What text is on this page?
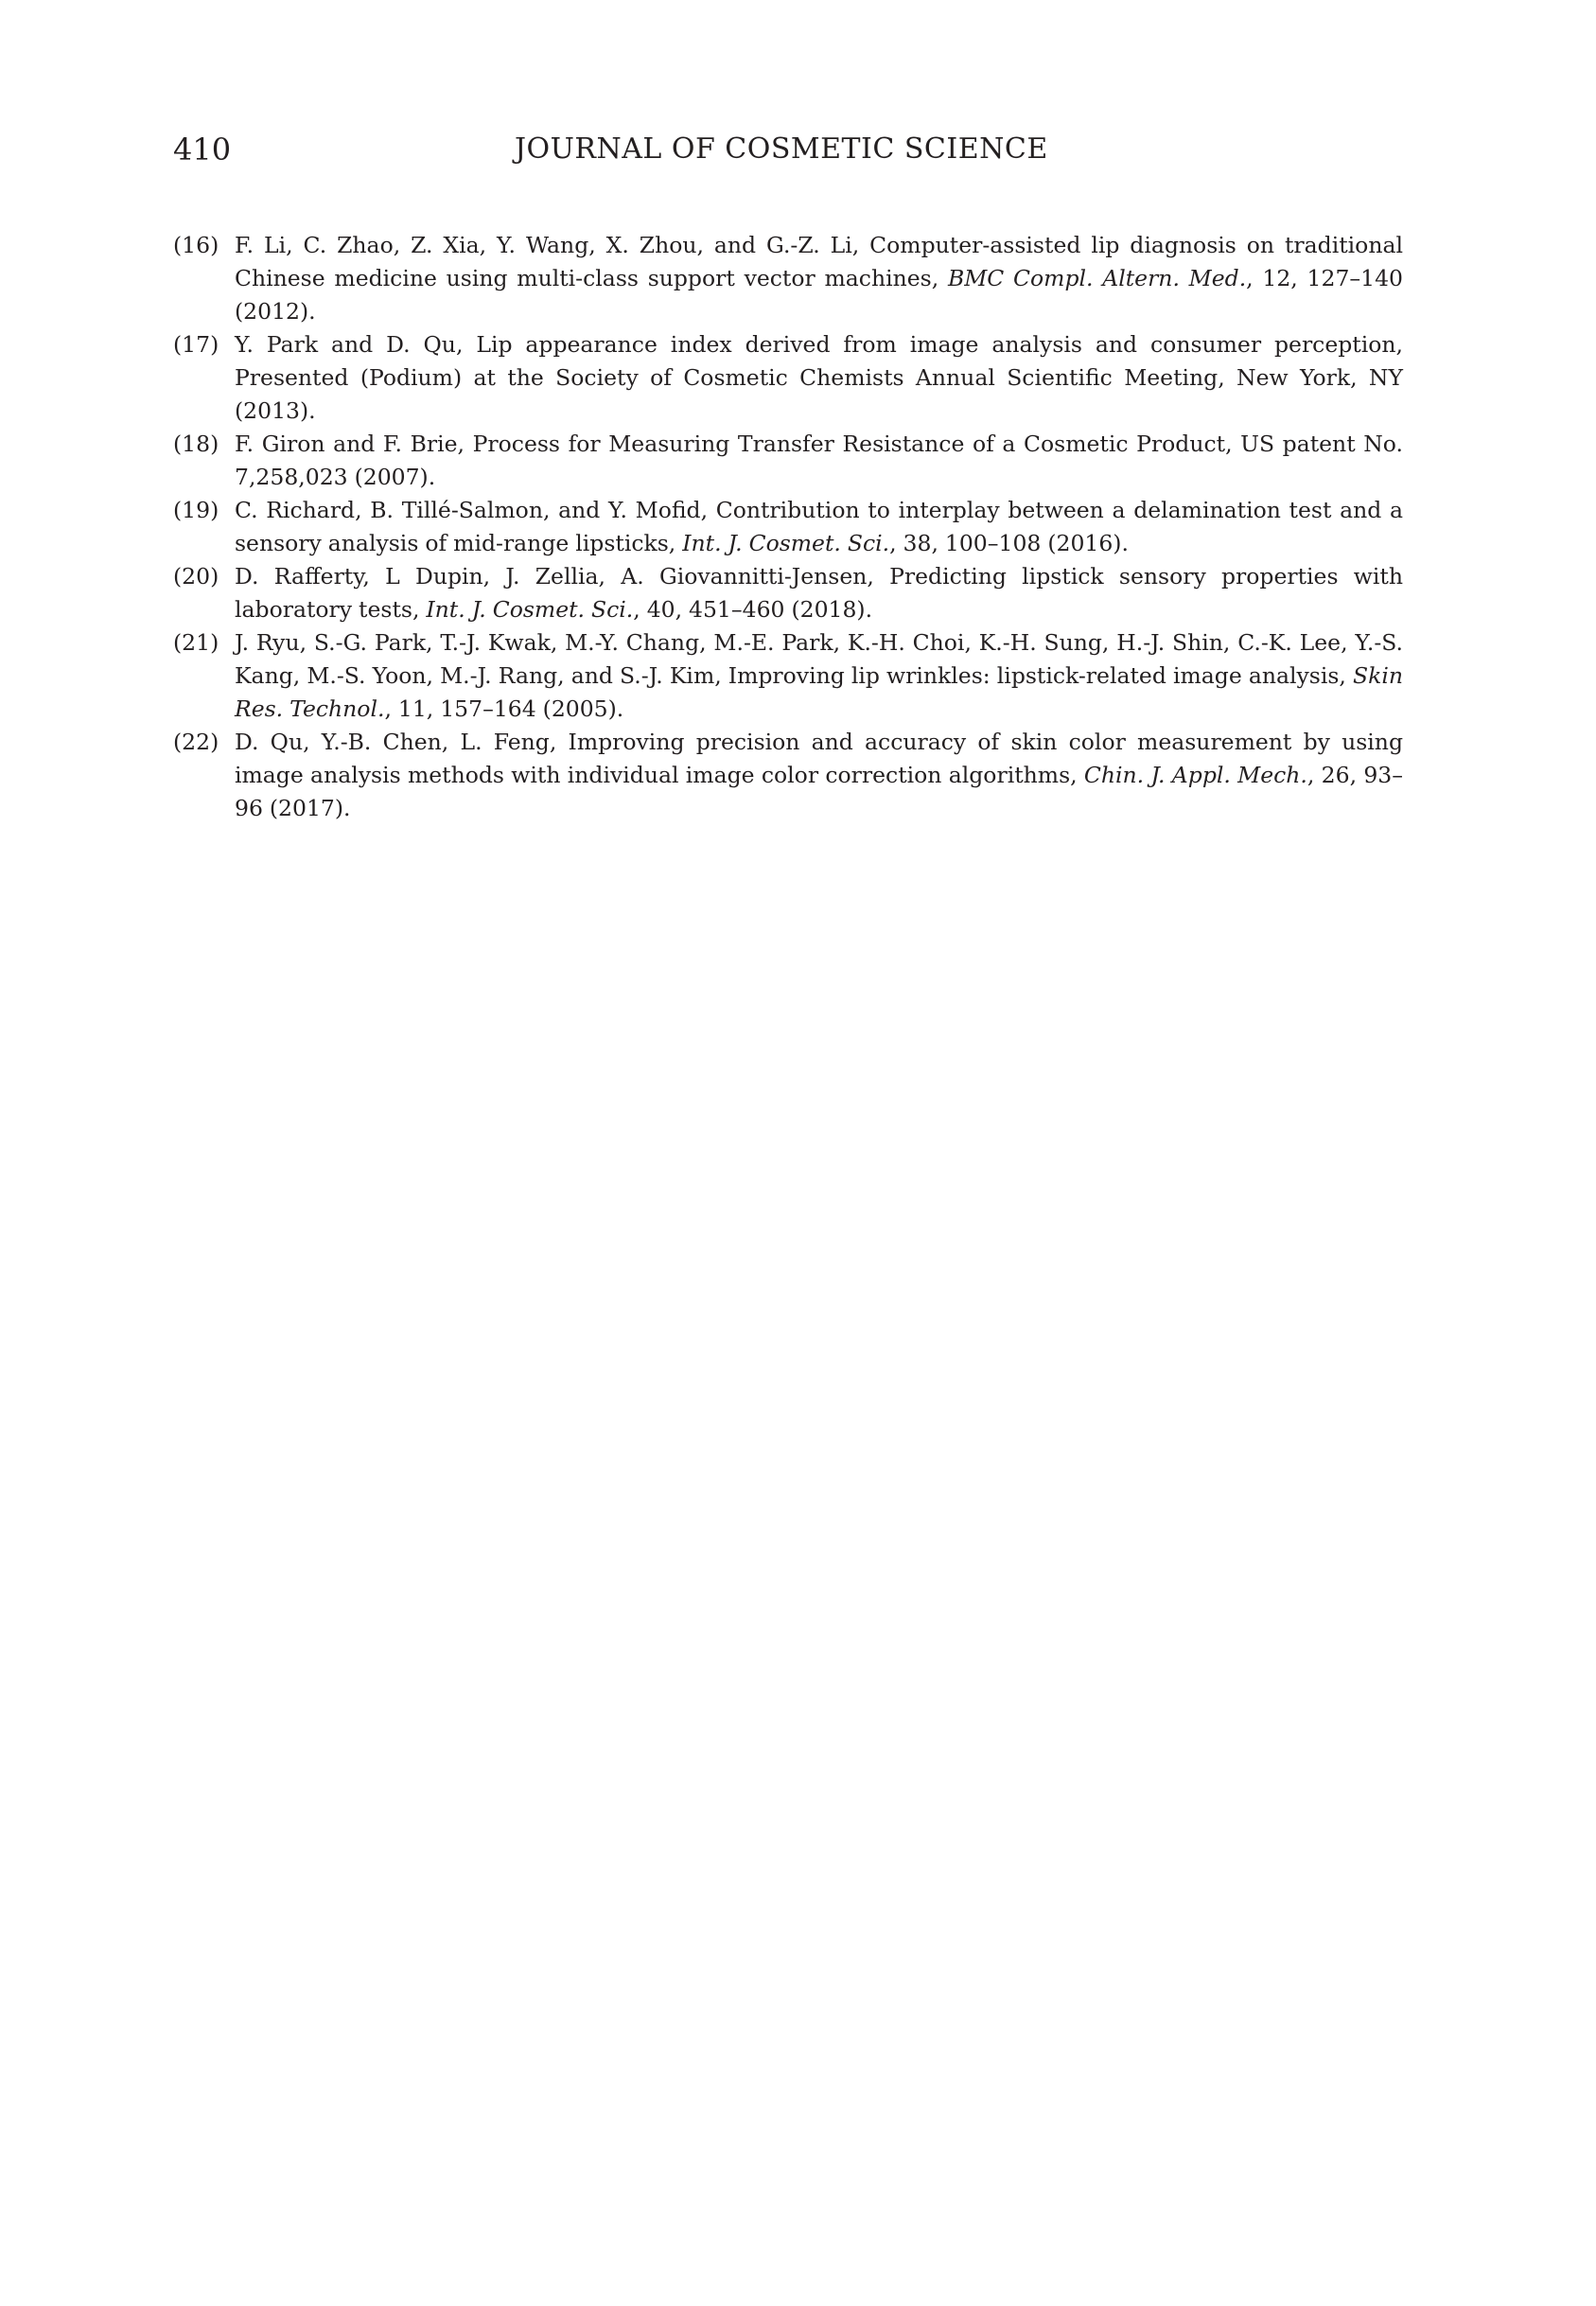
410	JOURNAL OF COSMETIC SCIENCE
(16) F. Li, C. Zhao, Z. Xia, Y. Wang, X. Zhou, and G.-Z. Li, Computer-assisted lip diagnosis on traditional Chinese medicine using multi-class support vector machines, BMC Compl. Altern. Med., 12, 127–140 (2012).
(17) Y. Park and D. Qu, Lip appearance index derived from image analysis and consumer perception, Presented (Podium) at the Society of Cosmetic Chemists Annual Scientific Meeting, New York, NY (2013).
(18) F. Giron and F. Brie, Process for Measuring Transfer Resistance of a Cosmetic Product, US patent No. 7,258,023 (2007).
(19) C. Richard, B. Tillé-Salmon, and Y. Mofid, Contribution to interplay between a delamination test and a sensory analysis of mid-range lipsticks, Int. J. Cosmet. Sci., 38, 100–108 (2016).
(20) D. Rafferty, L Dupin, J. Zellia, A. Giovannitti-Jensen, Predicting lipstick sensory properties with laboratory tests, Int. J. Cosmet. Sci., 40, 451–460 (2018).
(21) J. Ryu, S.-G. Park, T.-J. Kwak, M.-Y. Chang, M.-E. Park, K.-H. Choi, K.-H. Sung, H.-J. Shin, C.-K. Lee, Y.-S. Kang, M.-S. Yoon, M.-J. Rang, and S.-J. Kim, Improving lip wrinkles: lipstick-related image analysis, Skin Res. Technol., 11, 157–164 (2005).
(22) D. Qu, Y.-B. Chen, L. Feng, Improving precision and accuracy of skin color measurement by using image analysis methods with individual image color correction algorithms, Chin. J. Appl. Mech., 26, 93–96 (2017).
